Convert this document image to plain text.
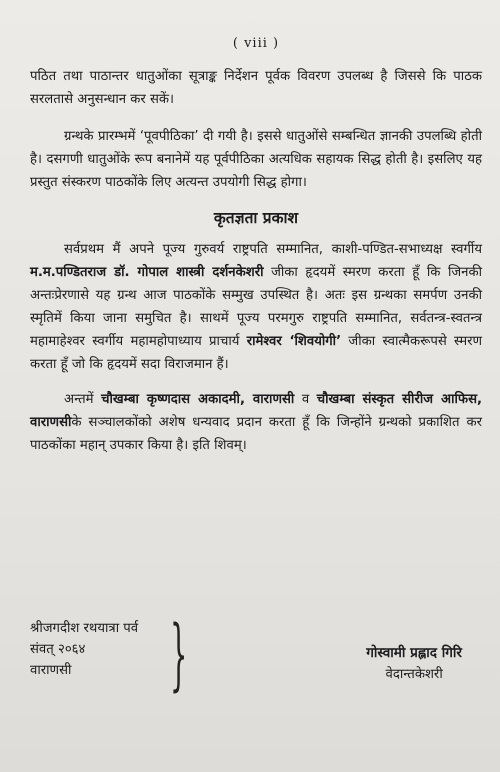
( viii )

पठित तथा पाठान्तर धातुओंका सूत्राङ्क निर्देशन पूर्वक विवरण उपलब्ध है जिससे कि पाठक सरलतासे अनुसन्धान कर सकें।

ग्रन्थके प्रारम्भमें ‘पूवपीठिका’ दी गयी है। इससे धातुओंसे सम्बन्धित ज्ञानकी उपलब्धि होती है। दसगणी धातुओंके रूप बनानेमें यह पूर्वपीठिका अत्यधिक सहायक सिद्ध होती है। इसलिए यह प्रस्तुत संस्करण पाठकोंके लिए अत्यन्त उपयोगी सिद्ध होगा।

कृतज्ञता प्रकाश

सर्वप्रथम मैं अपने पूज्य गुरुवर्य राष्ट्रपति सम्मानित, काशी-पण्डित-सभाध्यक्ष स्वर्गीय म.म.पण्डितराज डॉ. गोपाल शास्त्री दर्शनकेशरी जीका हृदयमें स्मरण करता हूँ कि जिनकी अन्तःप्रेरणासे यह ग्रन्थ आज पाठकोंके सम्मुख उपस्थित है। अतः इस ग्रन्थका समर्पण उनकी स्मृतिमें किया जाना समुचित है। साथमें पूज्य परमगुरु राष्ट्रपति सम्मानित, सर्वतन्त्र-स्वतन्त्र महामाहेश्वर स्वर्गीय महामहोपाध्याय प्राचार्य रामेश्वर ‘शिवयोगी’ जीका स्वात्मैकरूपसे स्मरण करता हूँ जो कि हृदयमें सदा विराजमान हैं।

अन्तमें चौखम्बा कृष्णदास अकादमी, वाराणसी व चौखम्बा संस्कृत सीरीज आफिस, वाराणसीके सञ्चालकोंको अशेष धन्यवाद प्रदान करता हूँ कि जिन्होंने ग्रन्थको प्रकाशित कर पाठकोंका महान् उपकार किया है। इति शिवम्।

श्रीजगदीश रथयात्रा पर्व
संवत् २०६४
वाराणसी	}	गोस्वामी प्रह्लाद गिरि
वेदान्तकेशरी
